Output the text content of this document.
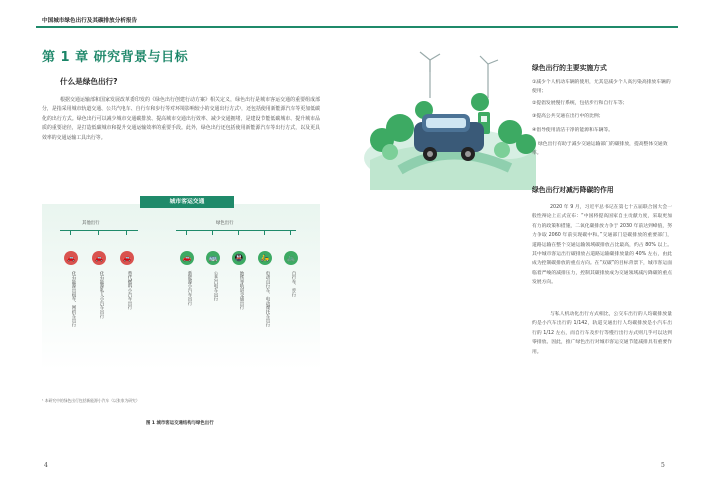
中国城市绿色出行及其碳排放分析报告
第 1 章 研究背景与目标
什么是绿色出行?
根据交通运输部和国家发展改革委印发的《绿色出行创建行动方案》相关定义，绿色出行是城市客运交通的重要组成部分，是指采用城市轨道交通、公共汽电车、自行车和步行等对环境影响较小的交通出行方式¹，还包括使用新能源汽车等更加低碳化的出行方式。绿色出行可以减少城市交通碳排放、提高城市交通出行效率、减少交通拥堵，是建设节能低碳城市、提升城市品质的重要途径，是打造低碳城市和提升交通运输效率的重要手段。此外，绿色出行还包括使用新能源汽车等出行方式，以及更具效率的交通运输工具出行等。
城市客运交通
其他出行	绿色出行
🚗
化石能源出租车、网约车出行
🚗
化石能源私人小汽车出行
🚗
替代燃料小汽车出行
🚗
新能源小汽车出行
🚌
公共汽电车出行
🚇
地铁等轨道交通出行
🛵
电动自行车、电动摩托车出行
🚲
自行车、步行
¹ 本研究中的绿色出行包括新能源小汽车（以张家为研究）
图 1 城市客运交通结构与绿色出行
4
绿色出行的主要实施方式
①减少个人机动车辆的使用，尤其是减少个人高污染高排放车辆的使用；
②提倡发展慢行系统，包括步行和自行车等；
③提高公共交通在出行中的比例；
④倡导使用清洁干净的能源和车辆等。
绿色出行有助于减少交通运输部门的碳排放，提高整体交通效率。
绿色出行对减污降碳的作用
2020 年 9 月，习近平总书记在第七十五届联合国大会一般性辩论上正式宣布：“中国将提高国家自主贡献力度，采取更加有力的政策和措施，二氧化碳排放力争于 2030 年前达到峰值，努力争取 2060 年前实现碳中和。”交通部门是碳排放的重要部门，道路运输在整个交通运输领域碳排放占比最高，约占 80% 以上。其中城市客运出行碳排放占道路运输碳排放量的 40% 左右，由此成为控制碳排放的重点方向。在“双碳”的目标背景下，城市客运面临着严峻的减排压力，控制其碳排放成为交通领域减污降碳的重点发展方向。
与私人机动化出行方式相比，公交车出行的人均碳排放量约是小汽车出行的 1/142，轨道交通出行人均碳排放是小汽车出行的 1/12 左右，而自行车及步行等慢行出行方式则几乎可以达到零排放。因此，推广绿色出行对城市客运交通节能减排具有重要作用。
5
